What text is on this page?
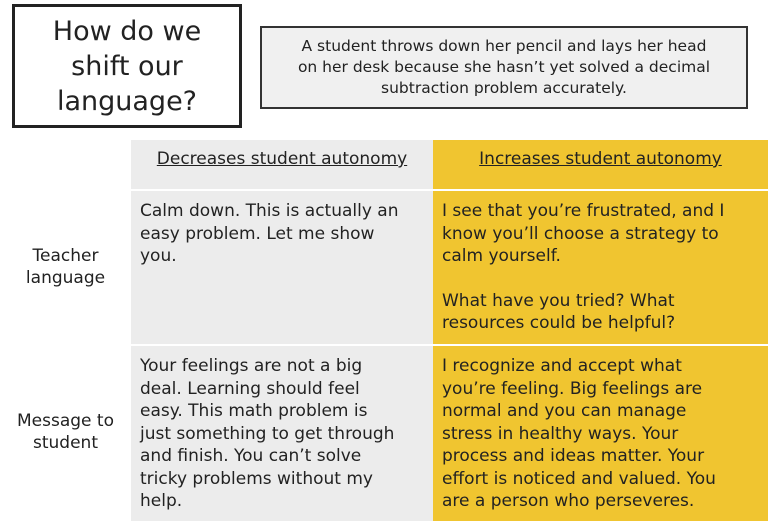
How do we
shift our
language?
A student throws down her pencil and lays her head
on her desk because she hasn’t yet solved a decimal
subtraction problem accurately.
Decreases student autonomy	Increases student autonomy
Teacher
language
Calm down. This is actually an
easy problem. Let me show
you.
I see that you’re frustrated, and I
know you’ll choose a strategy to
calm yourself.
What have you tried? What
resources could be helpful?
Message to
student
Your feelings are not a big
deal. Learning should feel
easy. This math problem is
just something to get through
and finish. You can’t solve
tricky problems without my
help.
I recognize and accept what
you’re feeling. Big feelings are
normal and you can manage
stress in healthy ways. Your
process and ideas matter. Your
effort is noticed and valued. You
are a person who perseveres.
